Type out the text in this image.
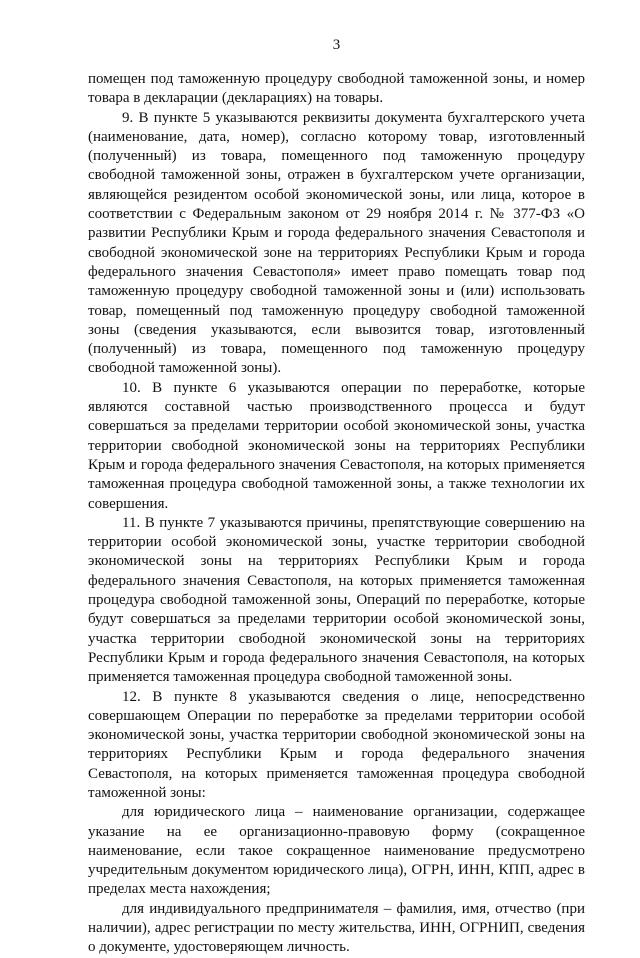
3

помещен под таможенную процедуру свободной таможенной зоны, и номер товара в декларации (декларациях) на товары.

9. В пункте 5 указываются реквизиты документа бухгалтерского учета (наименование, дата, номер), согласно которому товар, изготовленный (полученный) из товара, помещенного под таможенную процедуру свободной таможенной зоны, отражен в бухгалтерском учете организации, являющейся резидентом особой экономической зоны, или лица, которое в соответствии с Федеральным законом от 29 ноября 2014 г. № 377-ФЗ «О развитии Республики Крым и города федерального значения Севастополя и свободной экономической зоне на территориях Республики Крым и города федерального значения Севастополя» имеет право помещать товар под таможенную процедуру свободной таможенной зоны и (или) использовать товар, помещенный под таможенную процедуру свободной таможенной зоны (сведения указываются, если вывозится товар, изготовленный (полученный) из товара, помещенного под таможенную процедуру свободной таможенной зоны).

10. В пункте 6 указываются операции по переработке, которые являются составной частью производственного процесса и будут совершаться за пределами территории особой экономической зоны, участка территории свободной экономической зоны на территориях Республики Крым и города федерального значения Севастополя, на которых применяется таможенная процедура свободной таможенной зоны, а также технологии их совершения.

11. В пункте 7 указываются причины, препятствующие совершению на территории особой экономической зоны, участке территории свободной экономической зоны на территориях Республики Крым и города федерального значения Севастополя, на которых применяется таможенная процедура свободной таможенной зоны, Операций по переработке, которые будут совершаться за пределами территории особой экономической зоны, участка территории свободной экономической зоны на территориях Республики Крым и города федерального значения Севастополя, на которых применяется таможенная процедура свободной таможенной зоны.

12. В пункте 8 указываются сведения о лице, непосредственно совершающем Операции по переработке за пределами территории особой экономической зоны, участка территории свободной экономической зоны на территориях Республики Крым и города федерального значения Севастополя, на которых применяется таможенная процедура свободной таможенной зоны:

для юридического лица – наименование организации, содержащее указание на ее организационно-правовую форму (сокращенное наименование, если такое сокращенное наименование предусмотрено учредительным документом юридического лица), ОГРН, ИНН, КПП, адрес в пределах места нахождения;

для индивидуального предпринимателя – фамилия, имя, отчество (при наличии), адрес регистрации по месту жительства, ИНН, ОГРНИП, сведения о документе, удостоверяющем личность.
